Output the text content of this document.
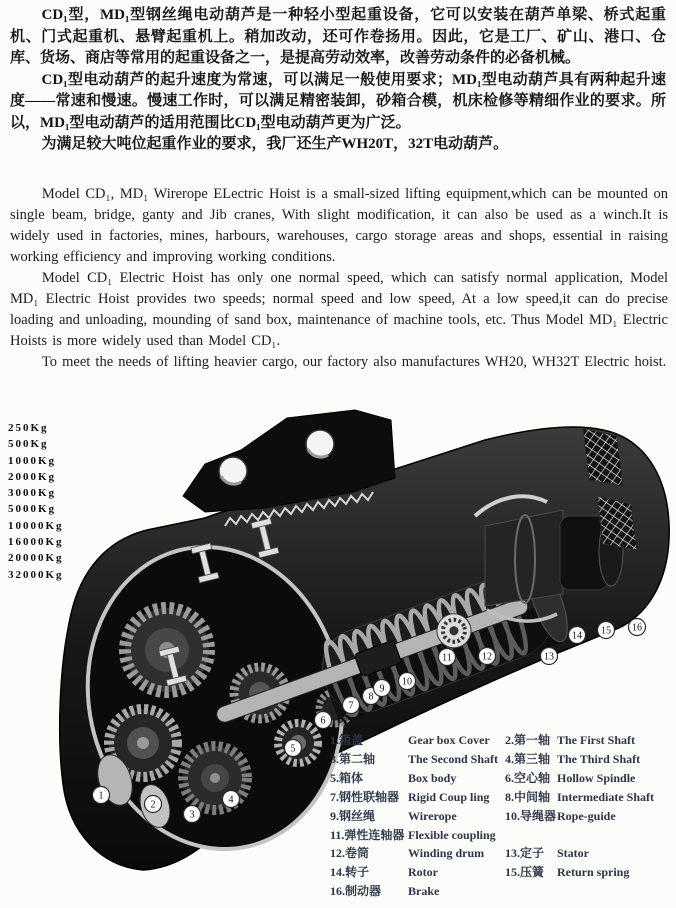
CD₁型，MD₁型钢丝绳电动葫芦是一种轻小型起重设备，它可以安装在葫芦单梁、桥式起重机、门式起重机、悬臂起重机上。稍加改动，还可作卷扬用。因此，它是工厂、矿山、港口、仓库、货场、商店等常用的起重设备之一，是提高劳动效率，改善劳动条件的必备机械。

CD₁型电动葫芦的起升速度为常速，可以满足一般使用要求；MD₁型电动葫芦具有两种起升速度——常速和慢速。慢速工作时，可以满足精密装卸，砂箱合模，机床检修等精细作业的要求。所以，MD₁型电动葫芦的适用范围比CD₁型电动葫芦更为广泛。

为满足较大吨位起重作业的要求，我厂还生产WH20T，32T电动葫芦。

Model CD₁, MD₁ Wirerope ELectric Hoist is a small-sized lifting equipment,which can be mounted on single beam, bridge, ganty and Jib cranes, With slight modification, it can also be used as a winch.It is widely used in factories, mines, harbours, warehouses, cargo storage areas and shops, essential in raising working efficiency and improving working conditions.

Model CD₁ Electric Hoist has only one normal speed, which can satisfy normal application, Model MD₁ Electric Hoist provides two speeds; normal speed and low speed, At a low speed,it can do precise loading and unloading, mounding of sand box, maintenance of machine tools, etc. Thus Model MD₁ Electric Hoists is more widely used than Model CD₁.

To meet the needs of lifting heavier cargo, our factory also manufactures WH20, WH32T Electric hoist.

250Kg
500Kg
1000Kg
2000Kg
3000Kg
5000Kg
10000Kg
16000Kg
20000Kg
32000Kg
1
2
3
4
5
6
7
8
9
10
11	12	13
14 15 16
1.箱盖	Gear box Cover	2.第一轴 The First Shaft
3.第二轴	The Second Shaft 4.第三轴 The Third Shaft
5.箱体	Box body	6.空心轴 Hollow Spindle
7.钢性联轴器 Rigid Coup ling	8.中间轴 Intermediate Shaft
9.钢丝绳	Wirerope	10.导绳器 Rope-guide
11.弹性连轴器 Flexible coupling
12.卷筒	Winding drum	13.定子	Stator
14.转子	Rotor	15.压簧	Return spring
16.制动器	Brake
